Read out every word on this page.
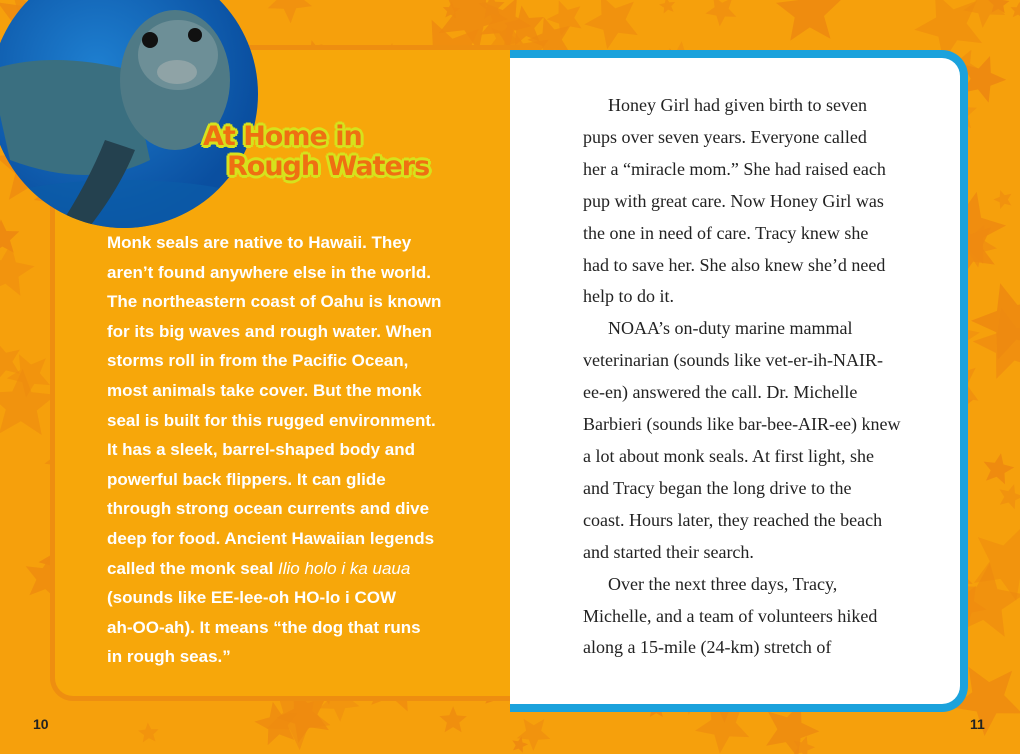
At Home in
Rough Waters
Monk seals are native to Hawaii. They
aren’t found anywhere else in the world.
The northeastern coast of Oahu is known
for its big waves and rough water. When
storms roll in from the Pacific Ocean,
most animals take cover. But the monk
seal is built for this rugged environment.
It has a sleek, barrel-shaped body and
powerful back flippers. It can glide
through strong ocean currents and dive
deep for food. Ancient Hawaiian legends
called the monk seal Ilio holo i ka uaua
(sounds like EE-lee-oh HO-lo i COW
ah-OO-ah). It means “the dog that runs
in rough seas.”
Honey Girl had given birth to seven
pups over seven years. Everyone called
her a “miracle mom.” She had raised each
pup with great care. Now Honey Girl was
the one in need of care. Tracy knew she
had to save her. She also knew she’d need
help to do it.
NOAA’s on-duty marine mammal
veterinarian (sounds like vet-er-ih-NAIR-
ee-en) answered the call. Dr. Michelle
Barbieri (sounds like bar-bee-AIR-ee) knew
a lot about monk seals. At first light, she
and Tracy began the long drive to the
coast. Hours later, they reached the beach
and started their search.
Over the next three days, Tracy,
Michelle, and a team of volunteers hiked
along a 15-mile (24-km) stretch of
10	11
